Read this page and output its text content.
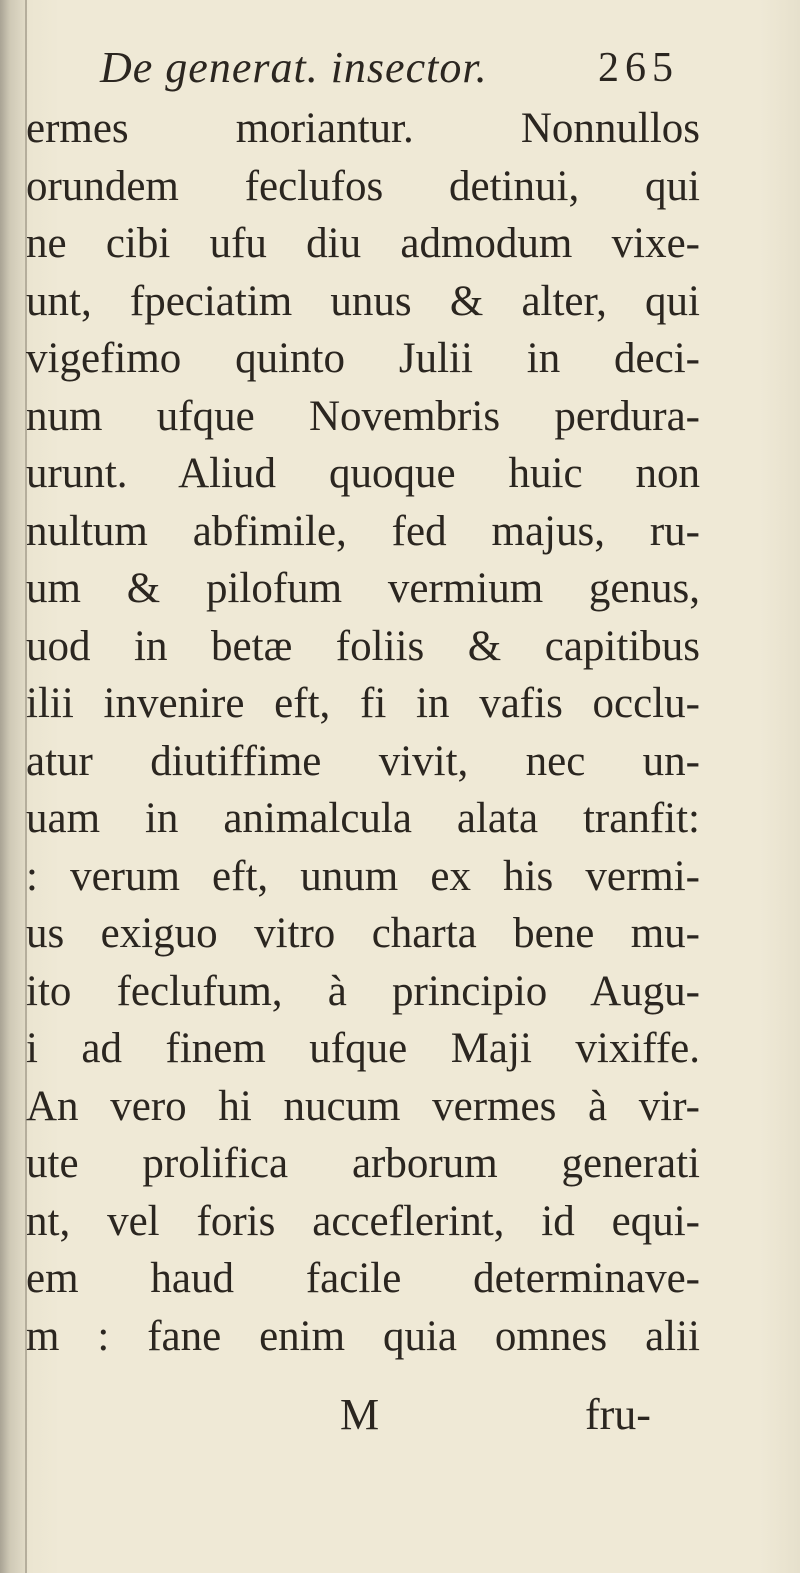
De generat. insector.	265
ermes moriantur. Nonnullos
orundem feclufos detinui, qui
ne cibi ufu diu admodum vixe-
unt, fpeciatim unus & alter, qui
vigefimo quinto Julii in deci-
num ufque Novembris perdura-
urunt. Aliud quoque huic non
nultum abfimile, fed majus, ru-
um & pilofum vermium genus,
uod in betæ foliis & capitibus
ilii invenire eft, fi in vafis occlu-
atur diutiffime vivit, nec un-
uam in animalcula alata tranfit:
: verum eft, unum ex his vermi-
us exiguo vitro charta bene mu-
ito feclufum, à principio Augu-
i ad finem ufque Maji vixiffe.
An vero hi nucum vermes à vir-
ute prolifica arborum generati
nt, vel foris acceflerint, id equi-
em haud facile determinave-
m : fane enim quia omnes alii
M	fru-
